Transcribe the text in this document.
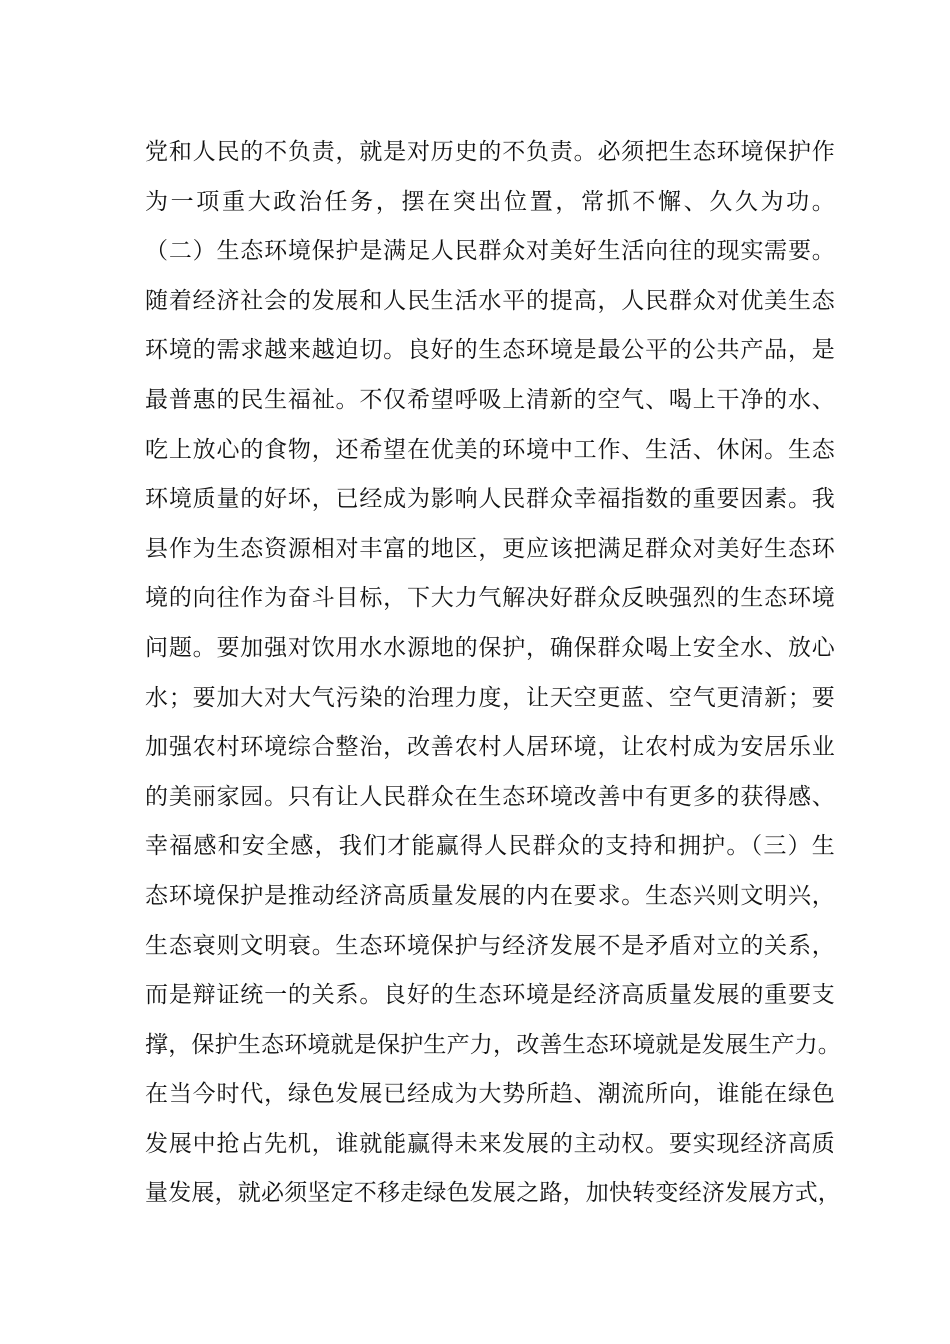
党和人民的不负责，就是对历史的不负责。必须把生态环境保护作
为一项重大政治任务，摆在突出位置，常抓不懈、久久为功。
（二）生态环境保护是满足人民群众对美好生活向往的现实需要。
随着经济社会的发展和人民生活水平的提高，人民群众对优美生态
环境的需求越来越迫切。良好的生态环境是最公平的公共产品，是
最普惠的民生福祉。不仅希望呼吸上清新的空气、喝上干净的水、
吃上放心的食物，还希望在优美的环境中工作、生活、休闲。生态
环境质量的好坏，已经成为影响人民群众幸福指数的重要因素。我
县作为生态资源相对丰富的地区，更应该把满足群众对美好生态环
境的向往作为奋斗目标，下大力气解决好群众反映强烈的生态环境
问题。要加强对饮用水水源地的保护，确保群众喝上安全水、放心
水；要加大对大气污染的治理力度，让天空更蓝、空气更清新；要
加强农村环境综合整治，改善农村人居环境，让农村成为安居乐业
的美丽家园。只有让人民群众在生态环境改善中有更多的获得感、
幸福感和安全感，我们才能赢得人民群众的支持和拥护。（三）生
态环境保护是推动经济高质量发展的内在要求。生态兴则文明兴，
生态衰则文明衰。生态环境保护与经济发展不是矛盾对立的关系，
而是辩证统一的关系。良好的生态环境是经济高质量发展的重要支
撑，保护生态环境就是保护生产力，改善生态环境就是发展生产力。
在当今时代，绿色发展已经成为大势所趋、潮流所向，谁能在绿色
发展中抢占先机，谁就能赢得未来发展的主动权。要实现经济高质
量发展，就必须坚定不移走绿色发展之路，加快转变经济发展方式，
